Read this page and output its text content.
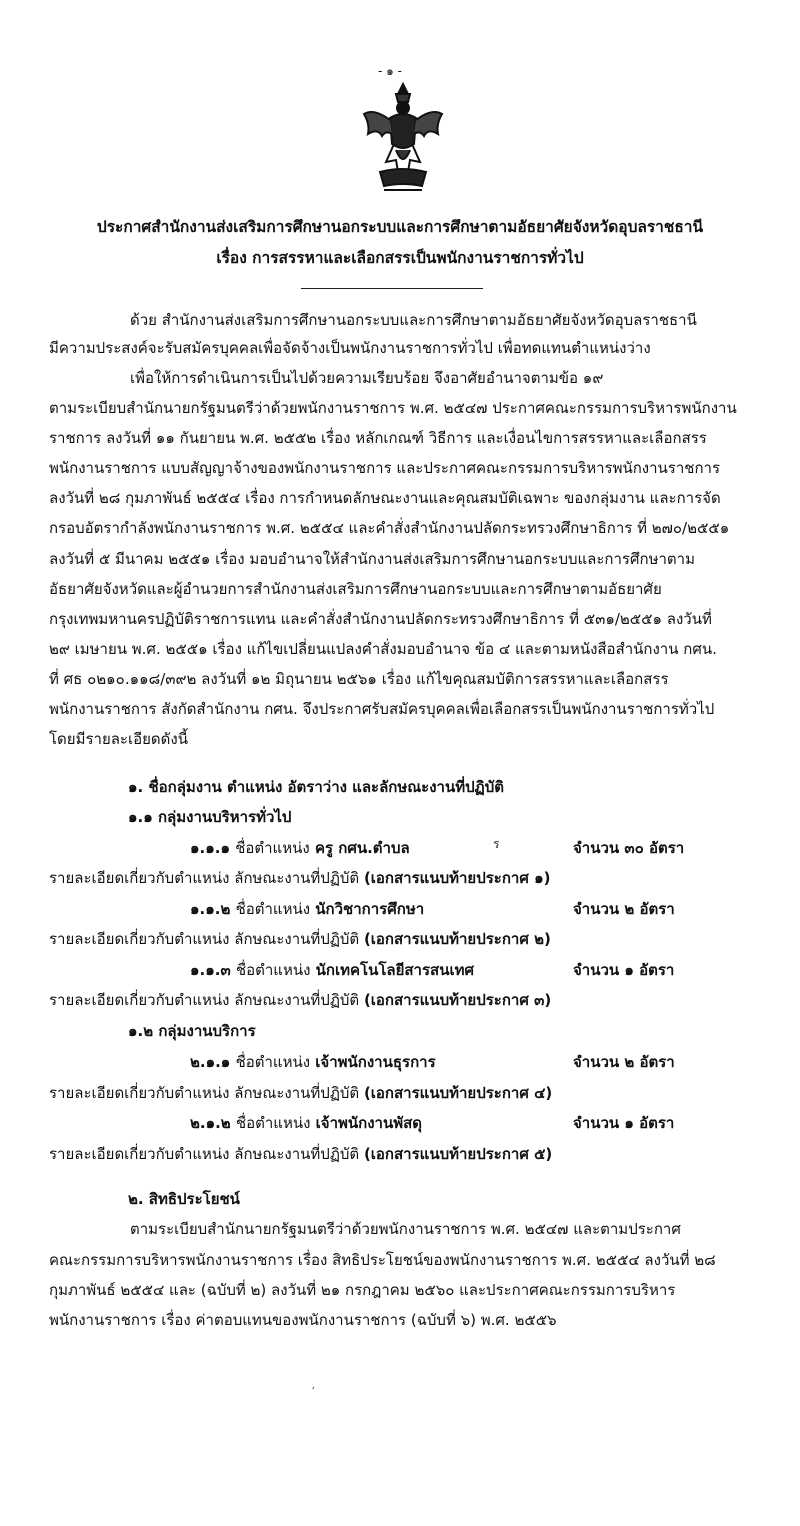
- ๑ -
ประกาศสำนักงานส่งเสริมการศึกษานอกระบบและการศึกษาตามอัธยาศัยจังหวัดอุบลราชธานี
เรื่อง การสรรหาและเลือกสรรเป็นพนักงานราชการทั่วไป
ด้วย สำนักงานส่งเสริมการศึกษานอกระบบและการศึกษาตามอัธยาศัยจังหวัดอุบลราชธานี
มีความประสงค์จะรับสมัครบุคคลเพื่อจัดจ้างเป็นพนักงานราชการทั่วไป เพื่อทดแทนตำแหน่งว่าง
เพื่อให้การดำเนินการเป็นไปด้วยความเรียบร้อย จึงอาศัยอำนาจตามข้อ ๑๙
ตามระเบียบสำนักนายกรัฐมนตรีว่าด้วยพนักงานราชการ พ.ศ. ๒๕๔๗ ประกาศคณะกรรมการบริหารพนักงาน
ราชการ ลงวันที่ ๑๑ กันยายน พ.ศ. ๒๕๕๒ เรื่อง หลักเกณฑ์ วิธีการ และเงื่อนไขการสรรหาและเลือกสรร
พนักงานราชการ แบบสัญญาจ้างของพนักงานราชการ และประกาศคณะกรรมการบริหารพนักงานราชการ
ลงวันที่ ๒๘ กุมภาพันธ์ ๒๕๕๔ เรื่อง การกำหนดลักษณะงานและคุณสมบัติเฉพาะ ของกลุ่มงาน และการจัด
กรอบอัตรากำลังพนักงานราชการ พ.ศ. ๒๕๕๔ และคำสั่งสำนักงานปลัดกระทรวงศึกษาธิการ ที่ ๒๗๐/๒๕๕๑
ลงวันที่ ๕ มีนาคม ๒๕๕๑ เรื่อง มอบอำนาจให้สำนักงานส่งเสริมการศึกษานอกระบบและการศึกษาตาม
อัธยาศัยจังหวัดและผู้อำนวยการสำนักงานส่งเสริมการศึกษานอกระบบและการศึกษาตามอัธยาศัย
กรุงเทพมหานครปฏิบัติราชการแทน และคำสั่งสำนักงานปลัดกระทรวงศึกษาธิการ ที่ ๕๓๑/๒๕๕๑ ลงวันที่
๒๙ เมษายน พ.ศ. ๒๕๕๑ เรื่อง แก้ไขเปลี่ยนแปลงคำสั่งมอบอำนาจ ข้อ ๔ และตามหนังสือสำนักงาน กศน.
ที่ ศธ ๐๒๑๐.๑๑๘/๓๙๒ ลงวันที่ ๑๒ มิถุนายน ๒๕๖๑ เรื่อง แก้ไขคุณสมบัติการสรรหาและเลือกสรร
พนักงานราชการ สังกัดสำนักงาน กศน. จึงประกาศรับสมัครบุคคลเพื่อเลือกสรรเป็นพนักงานราชการทั่วไป
โดยมีรายละเอียดดังนี้
๑. ชื่อกลุ่มงาน ตำแหน่ง อัตราว่าง และลักษณะงานที่ปฏิบัติ
๑.๑ กลุ่มงานบริหารทั่วไป
๑.๑.๑ ชื่อตำแหน่ง ครู กศน.ตำบล	จำนวน ๓๐ อัตรา
ร
รายละเอียดเกี่ยวกับตำแหน่ง ลักษณะงานที่ปฏิบัติ (เอกสารแนบท้ายประกาศ ๑)
๑.๑.๒ ชื่อตำแหน่ง นักวิชาการศึกษา	จำนวน ๒ อัตรา
รายละเอียดเกี่ยวกับตำแหน่ง ลักษณะงานที่ปฏิบัติ (เอกสารแนบท้ายประกาศ ๒)
๑.๑.๓ ชื่อตำแหน่ง นักเทคโนโลยีสารสนเทศ	จำนวน ๑ อัตรา
รายละเอียดเกี่ยวกับตำแหน่ง ลักษณะงานที่ปฏิบัติ (เอกสารแนบท้ายประกาศ ๓)
๑.๒ กลุ่มงานบริการ
๒.๑.๑ ชื่อตำแหน่ง เจ้าพนักงานธุรการ	จำนวน ๒ อัตรา
รายละเอียดเกี่ยวกับตำแหน่ง ลักษณะงานที่ปฏิบัติ (เอกสารแนบท้ายประกาศ ๔)
๒.๑.๒ ชื่อตำแหน่ง เจ้าพนักงานพัสดุ	จำนวน ๑ อัตรา
รายละเอียดเกี่ยวกับตำแหน่ง ลักษณะงานที่ปฏิบัติ (เอกสารแนบท้ายประกาศ ๕)
๒. สิทธิประโยชน์
ตามระเบียบสำนักนายกรัฐมนตรีว่าด้วยพนักงานราชการ พ.ศ. ๒๕๔๗ และตามประกาศ
คณะกรรมการบริหารพนักงานราชการ เรื่อง สิทธิประโยชน์ของพนักงานราชการ พ.ศ. ๒๕๕๔ ลงวันที่ ๒๘
กุมภาพันธ์ ๒๕๕๔ และ (ฉบับที่ ๒) ลงวันที่ ๒๑ กรกฎาคม ๒๕๖๐ และประกาศคณะกรรมการบริหาร
พนักงานราชการ เรื่อง ค่าตอบแทนของพนักงานราชการ (ฉบับที่ ๖) พ.ศ. ๒๕๕๖
′
